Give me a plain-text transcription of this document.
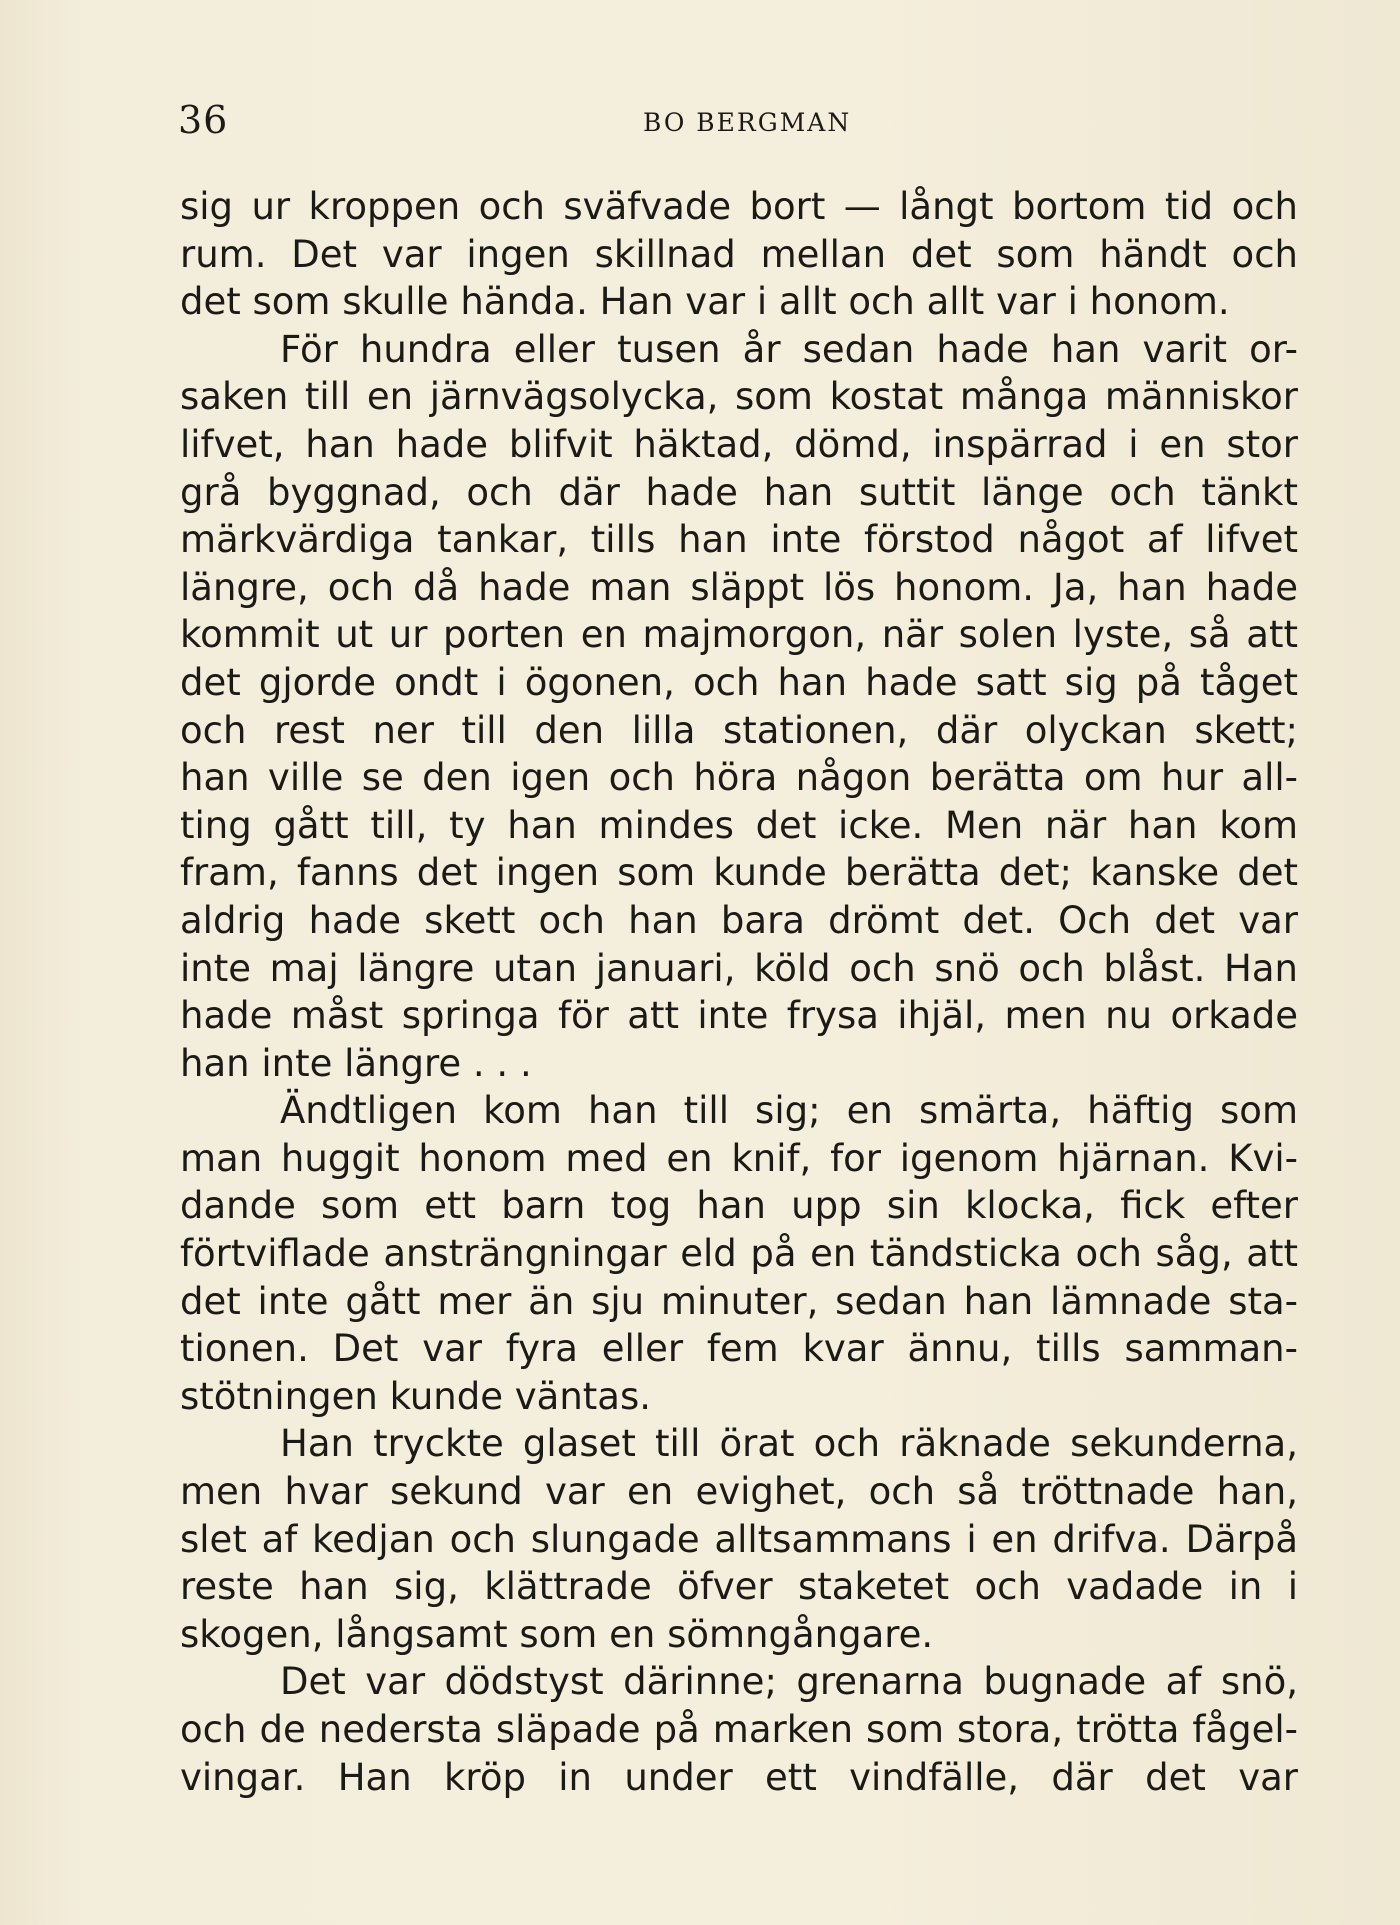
36	BO BERGMAN
sig ur kroppen och sväfvade bort — långt bortom tid och
rum. Det var ingen skillnad mellan det som händt och
det som skulle hända. Han var i allt och allt var i honom.
För hundra eller tusen år sedan hade han varit or-
saken till en järnvägsolycka, som kostat många människor
lifvet, han hade blifvit häktad, dömd, inspärrad i en stor
grå byggnad, och där hade han suttit länge och tänkt
märkvärdiga tankar, tills han inte förstod något af lifvet
längre, och då hade man släppt lös honom. Ja, han hade
kommit ut ur porten en majmorgon, när solen lyste, så att
det gjorde ondt i ögonen, och han hade satt sig på tåget
och rest ner till den lilla stationen, där olyckan skett;
han ville se den igen och höra någon berätta om hur all-
ting gått till, ty han mindes det icke. Men när han kom
fram, fanns det ingen som kunde berätta det; kanske det
aldrig hade skett och han bara drömt det. Och det var
inte maj längre utan januari, köld och snö och blåst. Han
hade måst springa för att inte frysa ihjäl, men nu orkade
han inte längre . . .
Ändtligen kom han till sig; en smärta, häftig som
man huggit honom med en knif, for igenom hjärnan. Kvi-
dande som ett barn tog han upp sin klocka, fick efter
förtviflade ansträngningar eld på en tändsticka och såg, att
det inte gått mer än sju minuter, sedan han lämnade sta-
tionen. Det var fyra eller fem kvar ännu, tills samman-
stötningen kunde väntas.
Han tryckte glaset till örat och räknade sekunderna,
men hvar sekund var en evighet, och så tröttnade han,
slet af kedjan och slungade alltsammans i en drifva. Därpå
reste han sig, klättrade öfver staketet och vadade in i
skogen, långsamt som en sömngångare.
Det var dödstyst därinne; grenarna bugnade af snö,
och de nedersta släpade på marken som stora, trötta fågel-
vingar. Han kröp in under ett vindfälle, där det var
